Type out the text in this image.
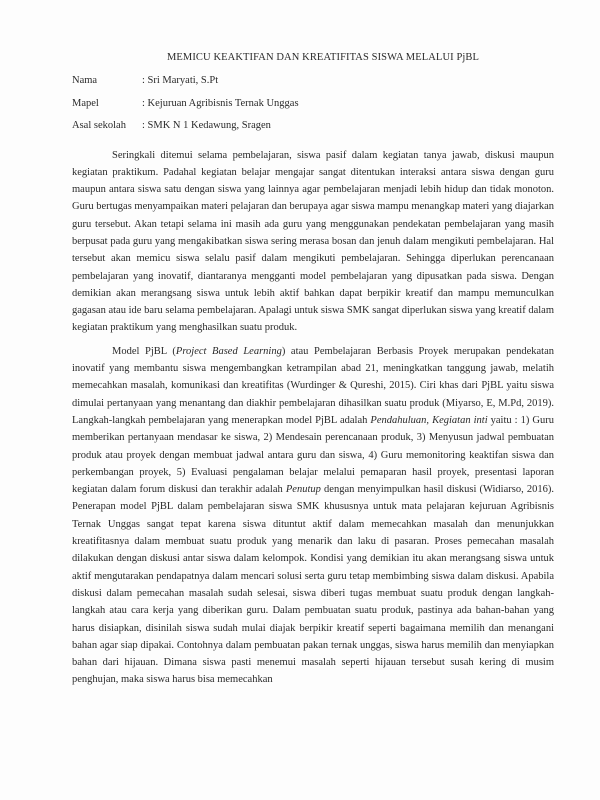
MEMICU KEAKTIFAN DAN KREATIFITAS SISWA MELALUI PjBL
Nama	: Sri Maryati, S.Pt
Mapel	: Kejuruan Agribisnis Ternak Unggas
Asal sekolah	: SMK N 1 Kedawung, Sragen

Seringkali ditemui selama pembelajaran, siswa pasif dalam kegiatan tanya jawab, diskusi maupun kegiatan praktikum. Padahal kegiatan belajar mengajar sangat ditentukan interaksi antara siswa dengan guru maupun antara siswa satu dengan siswa yang lainnya agar pembelajaran menjadi lebih hidup dan tidak monoton. Guru bertugas menyampaikan materi pelajaran dan berupaya agar siswa mampu menangkap materi yang diajarkan guru tersebut. Akan tetapi selama ini masih ada guru yang menggunakan pendekatan pembelajaran yang masih berpusat pada guru yang mengakibatkan siswa sering merasa bosan dan jenuh dalam mengikuti pembelajaran. Hal tersebut akan memicu siswa selalu pasif dalam mengikuti pembelajaran. Sehingga diperlukan perencanaan pembelajaran yang inovatif, diantaranya mengganti model pembelajaran yang dipusatkan pada siswa. Dengan demikian akan merangsang siswa untuk lebih aktif bahkan dapat berpikir kreatif dan mampu memunculkan gagasan atau ide baru selama pembelajaran. Apalagi untuk siswa SMK sangat diperlukan siswa yang kreatif dalam kegiatan praktikum yang menghasilkan suatu produk.

Model PjBL (Project Based Learning) atau Pembelajaran Berbasis Proyek merupakan pendekatan inovatif yang membantu siswa mengembangkan ketrampilan abad 21, meningkatkan tanggung jawab, melatih memecahkan masalah, komunikasi dan kreatifitas (Wurdinger & Qureshi, 2015). Ciri khas dari PjBL yaitu siswa dimulai pertanyaan yang menantang dan diakhir pembelajaran dihasilkan suatu produk (Miyarso, E, M.Pd, 2019). Langkah-langkah pembelajaran yang menerapkan model PjBL adalah Pendahuluan, Kegiatan inti yaitu : 1) Guru memberikan pertanyaan mendasar ke siswa, 2) Mendesain perencanaan produk, 3) Menyusun jadwal pembuatan produk atau proyek dengan membuat jadwal antara guru dan siswa, 4) Guru memonitoring keaktifan siswa dan perkembangan proyek, 5) Evaluasi pengalaman belajar melalui pemaparan hasil proyek, presentasi laporan kegiatan dalam forum diskusi dan terakhir adalah Penutup dengan menyimpulkan hasil diskusi (Widiarso, 2016). Penerapan model PjBL dalam pembelajaran siswa SMK khususnya untuk mata pelajaran kejuruan Agribisnis Ternak Unggas sangat tepat karena siswa dituntut aktif dalam memecahkan masalah dan menunjukkan kreatifitasnya dalam membuat suatu produk yang menarik dan laku di pasaran. Proses pemecahan masalah dilakukan dengan diskusi antar siswa dalam kelompok. Kondisi yang demikian itu akan merangsang siswa untuk aktif mengutarakan pendapatnya dalam mencari solusi serta guru tetap membimbing siswa dalam diskusi. Apabila diskusi dalam pemecahan masalah sudah selesai, siswa diberi tugas membuat suatu produk dengan langkah-langkah atau cara kerja yang diberikan guru. Dalam pembuatan suatu produk, pastinya ada bahan-bahan yang harus disiapkan, disinilah siswa sudah mulai diajak berpikir kreatif seperti bagaimana memilih dan menangani bahan agar siap dipakai. Contohnya dalam pembuatan pakan ternak unggas, siswa harus memilih dan menyiapkan bahan dari hijauan. Dimana siswa pasti menemui masalah seperti hijauan tersebut susah kering di musim penghujan, maka siswa harus bisa memecahkan
